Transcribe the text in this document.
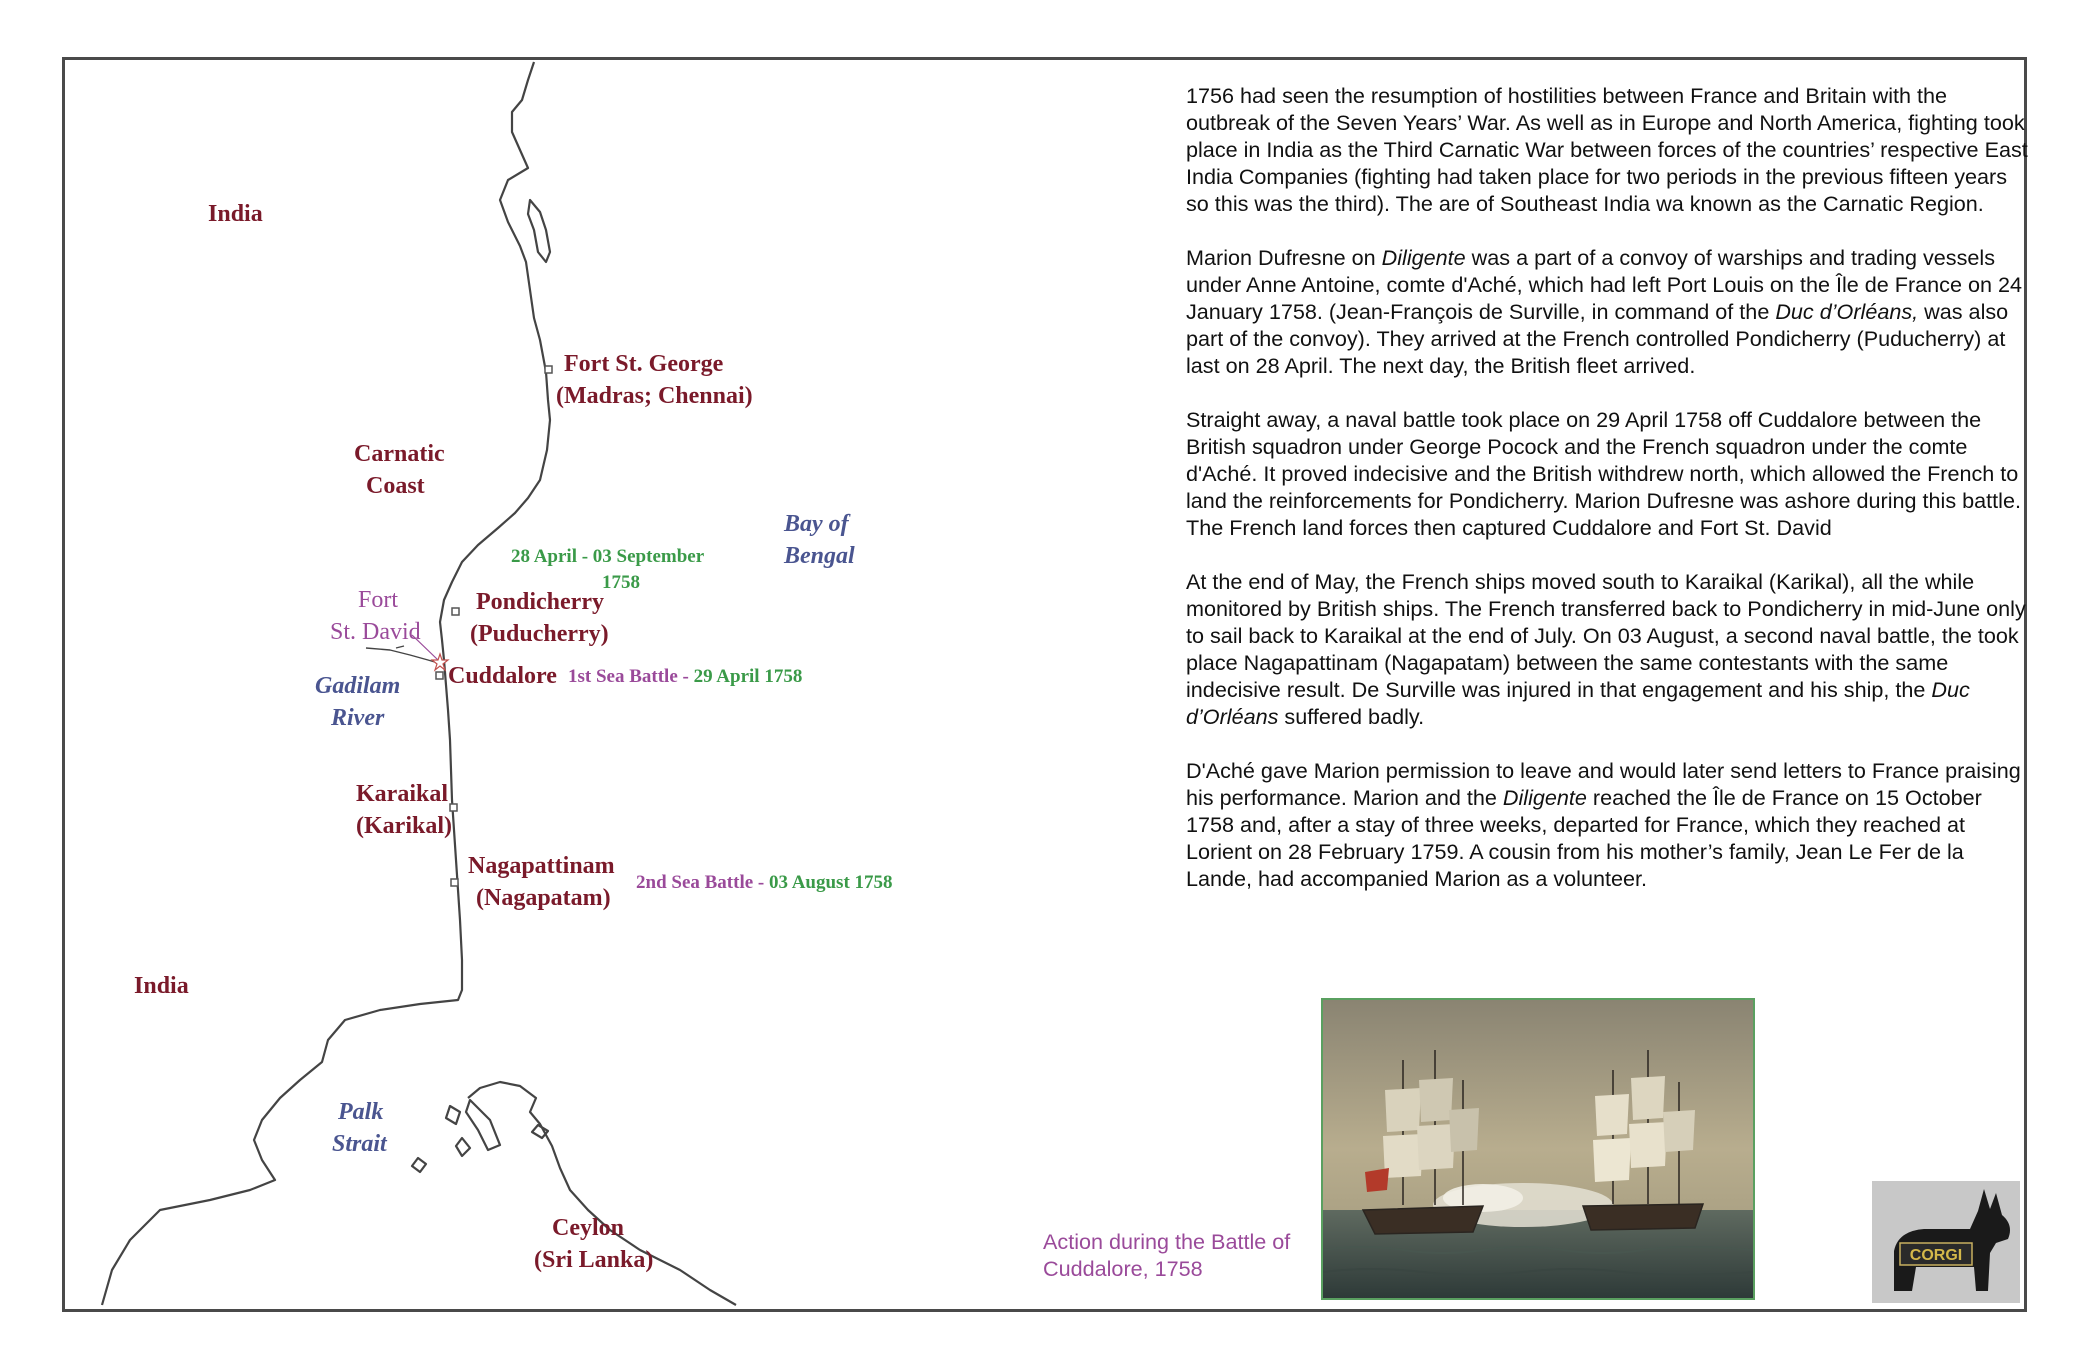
India
Fort St. George
(Madras; Chennai)
Carnatic
Coast
Bay of
Bengal
28 April - 03 September
1758
Fort
St. David
Pondicherry
(Puducherry)
Cuddalore 1st Sea Battle - 29 April 1758
Gadilam
River
Karaikal
(Karikal)
Nagapattinam
(Nagapatam)
2nd Sea Battle - 03 August 1758
India
Palk
Strait
Ceylon
(Sri Lanka)

1756 had seen the resumption of hostilities between France and Britain with the outbreak of the Seven Years’ War. As well as in Europe and North America, fighting took place in India as the Third Carnatic War between forces of the countries’ respective East India Companies (fighting had taken place for two periods in the previous fifteen years so this was the third). The are of Southeast India wa known as the Carnatic Region.

Marion Dufresne on Diligente was a part of a convoy of warships and trading vessels under Anne Antoine, comte d'Aché, which had left Port Louis on the Île de France on 24 January 1758. (Jean-François de Surville, in command of the Duc d’Orléans, was also part of the convoy). They arrived at the French controlled Pondicherry (Puducherry) at last on 28 April. The next day, the British fleet arrived.

Straight away, a naval battle took place on 29 April 1758 off Cuddalore between the British squadron under George Pocock and the French squadron under the comte d'Aché. It proved indecisive and the British withdrew north, which allowed the French to land the reinforcements for Pondicherry. Marion Dufresne was ashore during this battle. The French land forces then captured Cuddalore and Fort St. David

At the end of May, the French ships moved south to Karaikal (Karikal), all the while monitored by British ships. The French transferred back to Pondicherry in mid-June only to sail back to Karaikal at the end of July. On 03 August, a second naval battle, the took place Nagapattinam (Nagapatam) between the same contestants with the same indecisive result. De Surville was injured in that engagement and his ship, the Duc d’Orléans suffered badly.

D'Aché gave Marion permission to leave and would later send letters to France praising his performance. Marion and the Diligente reached the Île de France on 15 October 1758 and, after a stay of three weeks, departed for France, which they reached at Lorient on 28 February 1759. A cousin from his mother’s family, Jean Le Fer de la Lande, had accompanied Marion as a volunteer.

Action during the Battle of Cuddalore, 1758
CORGI
